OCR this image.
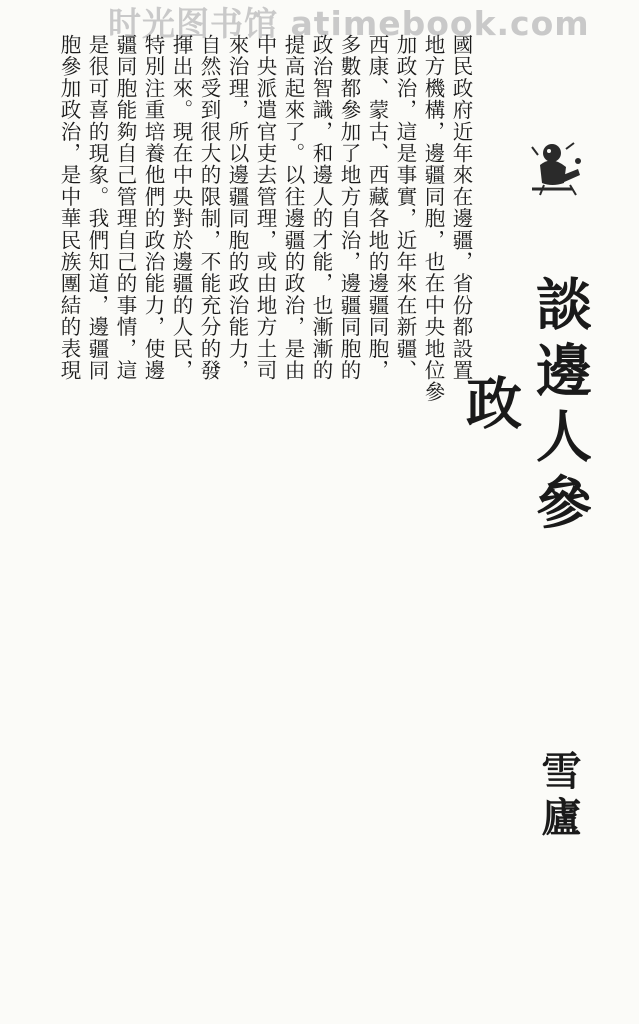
时光图书馆 atimebook.com
國民政府近年來在邊疆，省份都設置
地方機構，邊疆同胞，也在中央地位參
加政治，這是事實，近年來在新疆、
西康、蒙古、西藏各地的邊疆同胞，
多數都參加了地方自治，邊疆同胞的
政治智識，和邊人的才能，也漸漸的
提高起來了。以往邊疆的政治，是由
中央派遣官吏去管理，或由地方土司
來治理，所以邊疆同胞的政治能力，
自然受到很大的限制，不能充分的發
揮出來。現在中央對於邊疆的人民，
特別注重培養他們的政治能力，使邊
疆同胞能夠自己管理自己的事情，這
是很可喜的現象。我們知道，邊疆同
胞參加政治，是中華民族團結的表現
談邊人參政
雪廬
